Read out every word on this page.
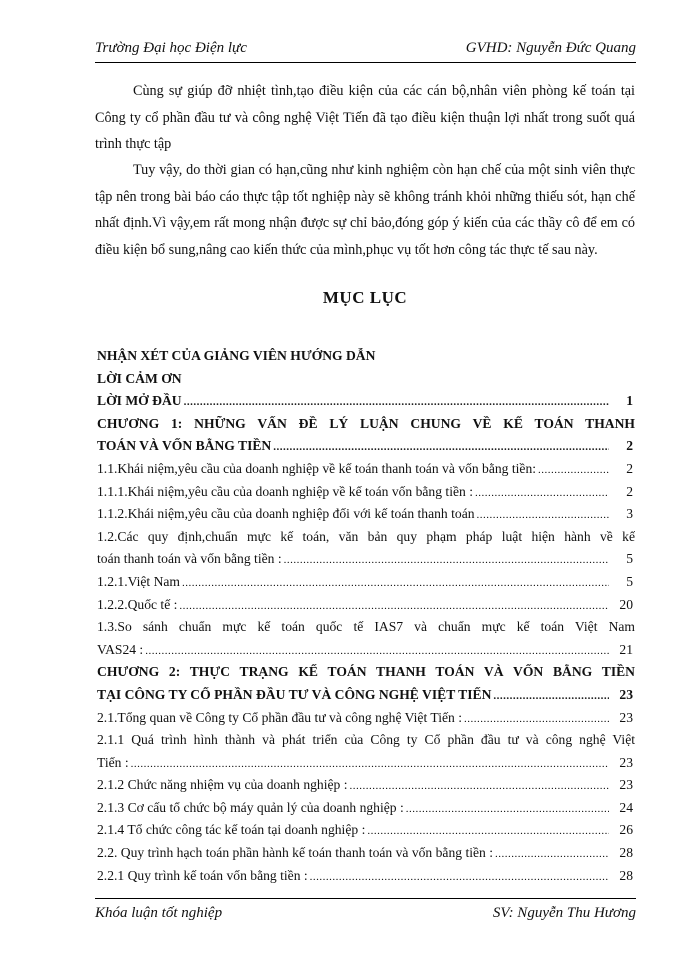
Trường Đại học Điện lực	GVHD: Nguyễn Đức Quang

Cùng sự giúp đỡ nhiệt tình,tạo điều kiện của các cán bộ,nhân viên phòng kế toán tại Công ty cổ phần đầu tư và công nghệ Việt Tiến đã tạo điều kiện thuận lợi nhất trong suốt quá trình thực tập

Tuy vậy, do thời gian có hạn,cũng như kinh nghiệm còn hạn chế của một sinh viên thực tập nên trong bài báo cáo thực tập tốt nghiệp này sẽ không tránh khỏi những thiếu sót, hạn chế nhất định.Vì vậy,em rất mong nhận được sự chỉ bảo,đóng góp ý kiến của các thầy cô để em có điều kiện bổ sung,nâng cao kiến thức của mình,phục vụ tốt hơn công tác thực tế sau này.

MỤC LỤC
NHẬN XÉT CỦA GIẢNG VIÊN HƯỚNG DẪN
LỜI CẢM ƠN
LỜI MỞ ĐẦU .....	1
CHƯƠNG 1: NHỮNG VẤN ĐỀ LÝ LUẬN CHUNG VỀ KẾ TOÁN THANH
TOÁN VÀ VỐN BẰNG TIỀN .....	2
1.1.Khái niệm,yêu cầu của doanh nghiệp về kế toán thanh toán và vốn bằng tiền: .....	2
1.1.1.Khái niệm,yêu cầu của doanh nghiệp về kế toán vốn bằng tiền : .....	2
1.1.2.Khái niệm,yêu cầu của doanh nghiệp đối với kế toán thanh toán .....	3
1.2.Các quy định,chuẩn mực kế toán, văn bản quy phạm pháp luật hiện hành về kế
toán thanh toán và vốn bằng tiền : .....	5
1.2.1.Việt Nam .....	5
1.2.2.Quốc tế : .....	20
1.3.So sánh chuẩn mực kế toán quốc tế IAS7 và chuẩn mực kế toán Việt Nam
VAS24 : .....	21
CHƯƠNG 2: THỰC TRẠNG KẾ TOÁN THANH TOÁN VÀ VỐN BẰNG TIỀN
TẠI CÔNG TY CỔ PHẦN ĐẦU TƯ VÀ CÔNG NGHỆ VIỆT TIẾN .....	23
2.1.Tổng quan về Công ty Cổ phần đầu tư và công nghệ Việt Tiến : .....	23
2.1.1 Quá trình hình thành và phát triển của Công ty Cổ phần đầu tư và công nghệ Việt
Tiến : .....	23
2.1.2 Chức năng nhiệm vụ của doanh nghiệp : .....	23
2.1.3 Cơ cấu tổ chức bộ máy quản lý của doanh nghiệp : .....	24
2.1.4 Tổ chức công tác kế toán tại doanh nghiệp : .....	26
2.2. Quy trình hạch toán phần hành kế toán thanh toán và vốn bằng tiền : .....	28
2.2.1 Quy trình kế toán vốn bằng tiền : .....	28
Khóa luận tốt nghiệp	SV: Nguyễn Thu Hương
